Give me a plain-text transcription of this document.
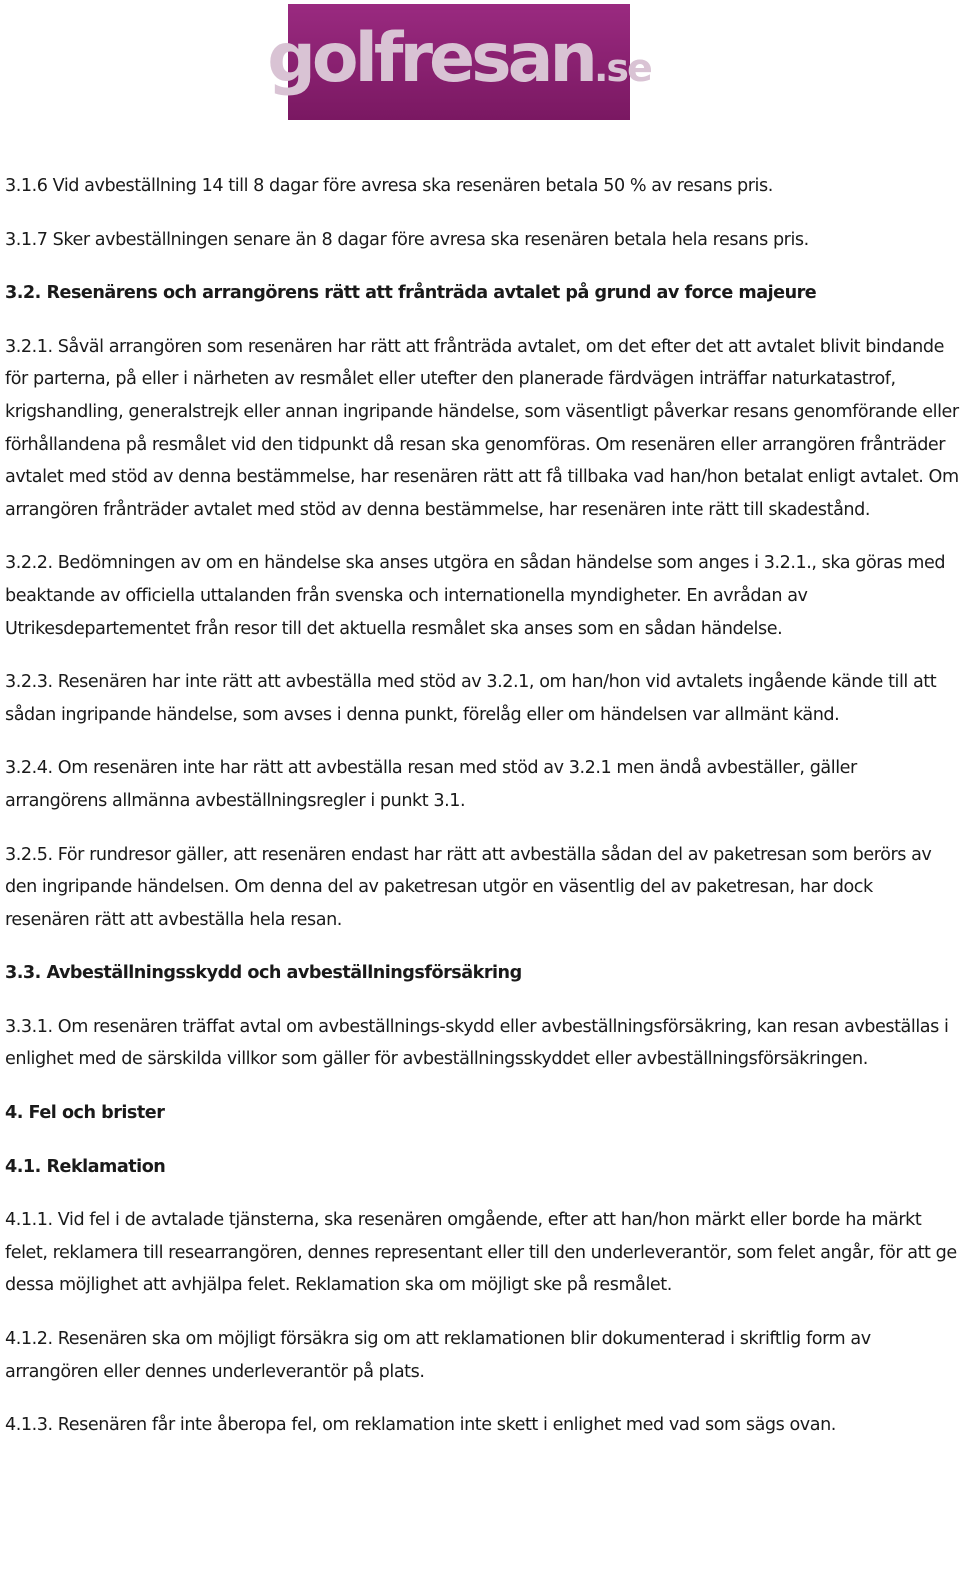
golfresan.se

3.1.6 Vid avbeställning 14 till 8 dagar före avresa ska resenären betala 50 % av resans pris.

3.1.7 Sker avbeställningen senare än 8 dagar före avresa ska resenären betala hela resans pris.

3.2. Resenärens och arrangörens rätt att frånträda avtalet på grund av force majeure

3.2.1. Såväl arrangören som resenären har rätt att frånträda avtalet, om det efter det att avtalet blivit bindande för parterna, på eller i närheten av resmålet eller utefter den planerade färdvägen inträffar naturkatastrof, krigshandling, generalstrejk eller annan ingripande händelse, som väsentligt påverkar resans genomförande eller förhållandena på resmålet vid den tidpunkt då resan ska genomföras. Om resenären eller arrangören frånträder avtalet med stöd av denna bestämmelse, har resenären rätt att få tillbaka vad han/hon betalat enligt avtalet. Om arrangören frånträder avtalet med stöd av denna bestämmelse, har resenären inte rätt till skadestånd.

3.2.2. Bedömningen av om en händelse ska anses utgöra en sådan händelse som anges i 3.2.1., ska göras med beaktande av officiella uttalanden från svenska och internationella myndigheter. En avrådan av Utrikesdepartementet från resor till det aktuella resmålet ska anses som en sådan händelse.

3.2.3. Resenären har inte rätt att avbeställa med stöd av 3.2.1, om han/hon vid avtalets ingående kände till att sådan ingripande händelse, som avses i denna punkt, förelåg eller om händelsen var allmänt känd.

3.2.4. Om resenären inte har rätt att avbeställa resan med stöd av 3.2.1 men ändå avbeställer, gäller arrangörens allmänna avbeställningsregler i punkt 3.1.

3.2.5. För rundresor gäller, att resenären endast har rätt att avbeställa sådan del av paketresan som berörs av den ingripande händelsen. Om denna del av paketresan utgör en väsentlig del av paketresan, har dock resenären rätt att avbeställa hela resan.

3.3. Avbeställningsskydd och avbeställningsförsäkring

3.3.1. Om resenären träffat avtal om avbeställnings-skydd eller avbeställningsförsäkring, kan resan avbeställas i enlighet med de särskilda villkor som gäller för avbeställningsskyddet eller avbeställningsförsäkringen.

4. Fel och brister

4.1. Reklamation

4.1.1. Vid fel i de avtalade tjänsterna, ska resenären omgående, efter att han/hon märkt eller borde ha märkt felet, reklamera till researrangören, dennes representant eller till den underleverantör, som felet angår, för att ge dessa möjlighet att avhjälpa felet. Reklamation ska om möjligt ske på resmålet.

4.1.2. Resenären ska om möjligt försäkra sig om att reklamationen blir dokumenterad i skriftlig form av arrangören eller dennes underleverantör på plats.

4.1.3. Resenären får inte åberopa fel, om reklamation inte skett i enlighet med vad som sägs ovan.
